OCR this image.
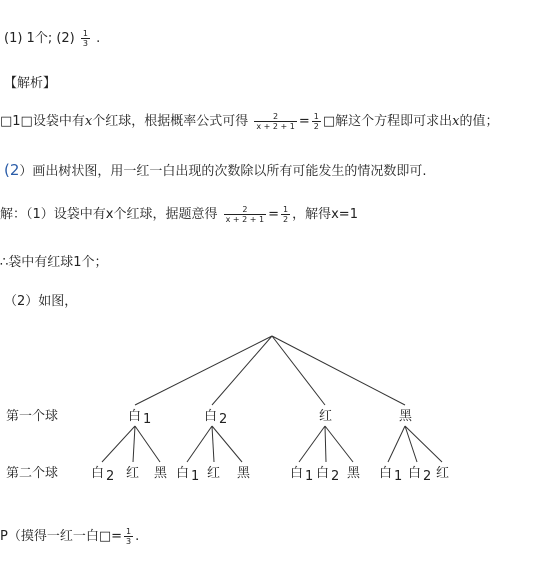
(1) 1个; $(2) \frac{1}{3}$ .
【解析】
□1□设袋中有x个红球，根据概率公式可得 $\frac{2}{x + 2 + 1} = \frac{1}{2}$ □解这个方程即可求出x的值；
(2）画出树状图，用一红一白出现的次数除以所有可能发生的情况数即可.
解：（1）设袋中有x个红球，据题意得 $\frac{2}{x + 2 + 1} = \frac{1}{2}$ ，解得x=1
∴袋中有红球1个；
（2）如图，
第一个球
第二个球
白 1	白 2	红	黑
白 2 红 黑 白 1 红 黑	白 1 白 2 黑 白 1 白 2 红
P（摸得一红一白□= $\frac{1}{3}$ .
